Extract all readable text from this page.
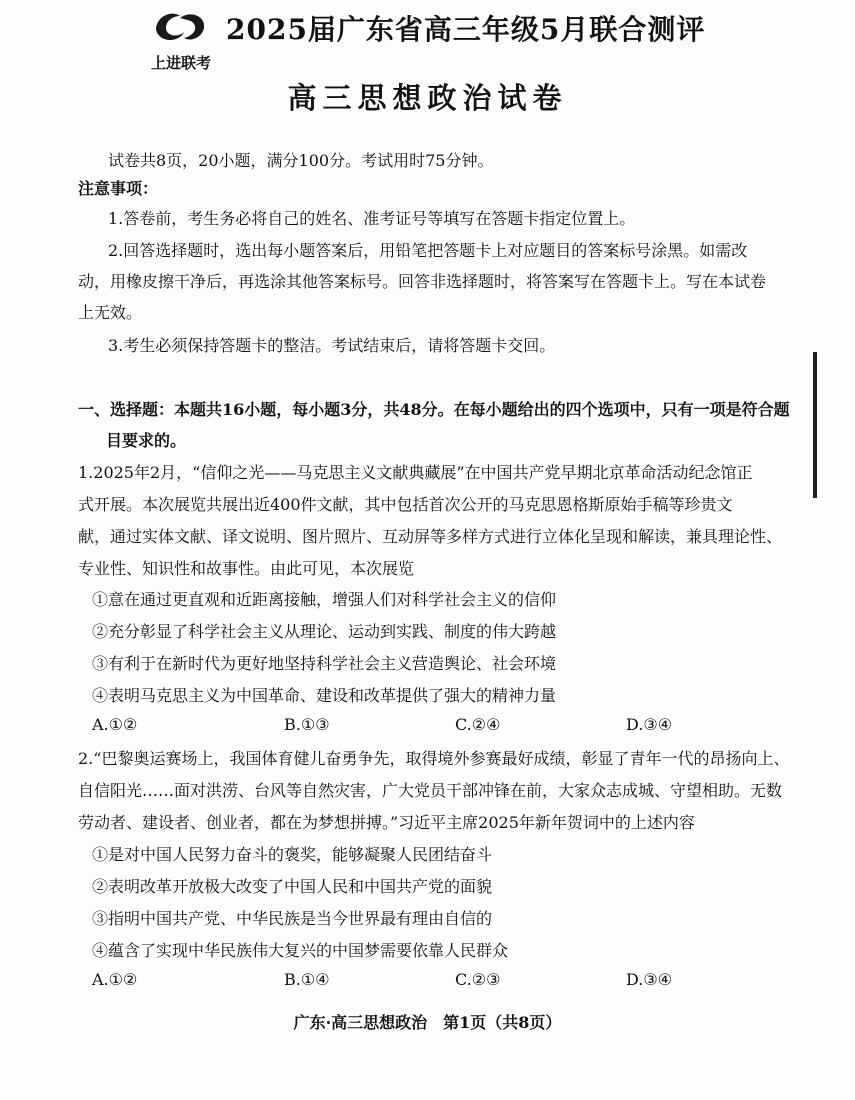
上进联考
2025届广东省高三年级5月联合测评
高三思想政治试卷
试卷共8页，20小题，满分100分。考试用时75分钟。
注意事项：
1.答卷前，考生务必将自己的姓名、准考证号等填写在答题卡指定位置上。
2.回答选择题时，选出每小题答案后，用铅笔把答题卡上对应题目的答案标号涂黑。如需改
动，用橡皮擦干净后，再选涂其他答案标号。回答非选择题时，将答案写在答题卡上。写在本试卷
上无效。
3.考生必须保持答题卡的整洁。考试结束后，请将答题卡交回。
一、选择题：本题共16小题，每小题3分，共48分。在每小题给出的四个选项中，只有一项是符合题
目要求的。
1.2025年2月，“信仰之光——马克思主义文献典藏展”在中国共产党早期北京革命活动纪念馆正
式开展。本次展览共展出近400件文献，其中包括首次公开的马克思恩格斯原始手稿等珍贵文
献，通过实体文献、译文说明、图片照片、互动屏等多样方式进行立体化呈现和解读，兼具理论性、
专业性、知识性和故事性。由此可见，本次展览
①意在通过更直观和近距离接触，增强人们对科学社会主义的信仰
②充分彰显了科学社会主义从理论、运动到实践、制度的伟大跨越
③有利于在新时代为更好地坚持科学社会主义营造舆论、社会环境
④表明马克思主义为中国革命、建设和改革提供了强大的精神力量
A.①②	B.①③	C.②④	D.③④
2.“巴黎奥运赛场上，我国体育健儿奋勇争先，取得境外参赛最好成绩，彰显了青年一代的昂扬向上、
自信阳光……面对洪涝、台风等自然灾害，广大党员干部冲锋在前，大家众志成城、守望相助。无数
劳动者、建设者、创业者，都在为梦想拼搏。”习近平主席2025年新年贺词中的上述内容
①是对中国人民努力奋斗的褒奖，能够凝聚人民团结奋斗
②表明改革开放极大改变了中国人民和中国共产党的面貌
③指明中国共产党、中华民族是当今世界最有理由自信的
④蕴含了实现中华民族伟大复兴的中国梦需要依靠人民群众
A.①②	B.①④	C.②③	D.③④
广东·高三思想政治　第1页（共8页）
